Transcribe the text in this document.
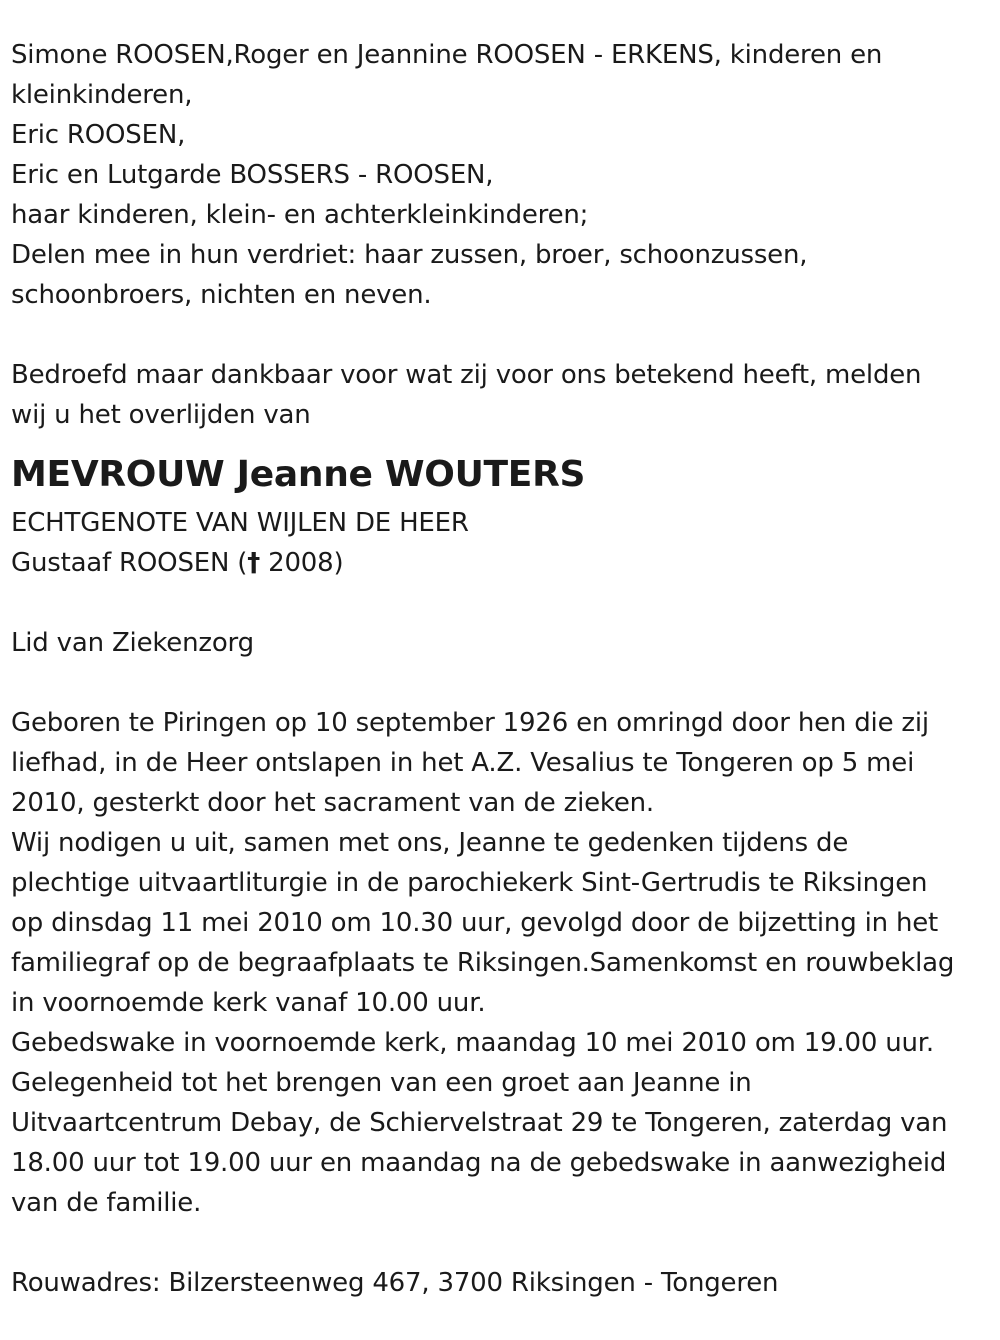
Simone ROOSEN,Roger en Jeannine ROOSEN - ERKENS, kinderen en
kleinkinderen,
Eric ROOSEN,
Eric en Lutgarde BOSSERS - ROOSEN,
haar kinderen, klein- en achterkleinkinderen;
Delen mee in hun verdriet: haar zussen, broer, schoonzussen,
schoonbroers, nichten en neven.
Bedroefd maar dankbaar voor wat zij voor ons betekend heeft, melden
wij u het overlijden van
MEVROUW Jeanne WOUTERS
ECHTGENOTE VAN WIJLEN DE HEER
Gustaaf ROOSEN († 2008)
Lid van Ziekenzorg
Geboren te Piringen op 10 september 1926 en omringd door hen die zij
liefhad, in de Heer ontslapen in het A.Z. Vesalius te Tongeren op 5 mei
2010, gesterkt door het sacrament van de zieken.
Wij nodigen u uit, samen met ons, Jeanne te gedenken tijdens de
plechtige uitvaartliturgie in de parochiekerk Sint-Gertrudis te Riksingen
op dinsdag 11 mei 2010 om 10.30 uur, gevolgd door de bijzetting in het
familiegraf op de begraafplaats te Riksingen.Samenkomst en rouwbeklag
in voornoemde kerk vanaf 10.00 uur.
Gebedswake in voornoemde kerk, maandag 10 mei 2010 om 19.00 uur.
Gelegenheid tot het brengen van een groet aan Jeanne in
Uitvaartcentrum Debay, de Schiervelstraat 29 te Tongeren, zaterdag van
18.00 uur tot 19.00 uur en maandag na de gebedswake in aanwezigheid
van de familie.
Rouwadres: Bilzersteenweg 467, 3700 Riksingen - Tongeren
